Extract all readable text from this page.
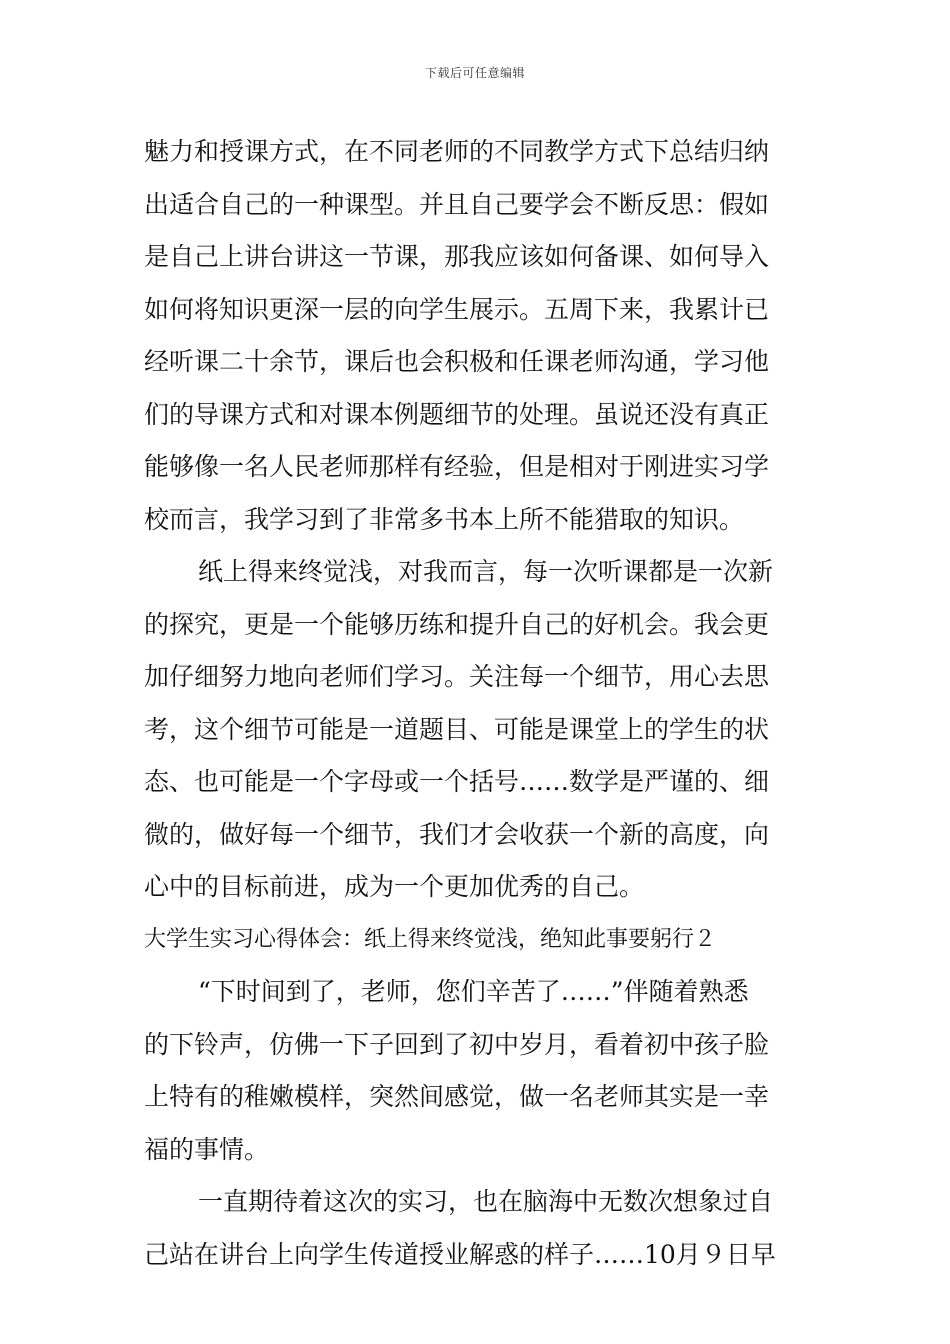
下载后可任意编辑
魅力和授课方式，在不同老师的不同教学方式下总结归纳
出适合自己的一种课型。并且自己要学会不断反思：假如
是自己上讲台讲这一节课，那我应该如何备课、如何导入
如何将知识更深一层的向学生展示。五周下来，我累计已
经听课二十余节，课后也会积极和任课老师沟通，学习他
们的导课方式和对课本例题细节的处理。虽说还没有真正
能够像一名人民老师那样有经验，但是相对于刚进实习学
校而言，我学习到了非常多书本上所不能猎取的知识。
纸上得来终觉浅，对我而言，每一次听课都是一次新
的探究，更是一个能够历练和提升自己的好机会。我会更
加仔细努力地向老师们学习。关注每一个细节，用心去思
考，这个细节可能是一道题目、可能是课堂上的学生的状
态、也可能是一个字母或一个括号……数学是严谨的、细
微的，做好每一个细节，我们才会收获一个新的高度，向
心中的目标前进，成为一个更加优秀的自己。
大学生实习心得体会：纸上得来终觉浅，绝知此事要躬行２
“下时间到了，老师，您们辛苦了……”伴随着熟悉
的下铃声，仿佛一下子回到了初中岁月，看着初中孩子脸
上特有的稚嫩模样，突然间感觉，做一名老师其实是一幸
福的事情。
一直期待着这次的实习，也在脑海中无数次想象过自
己站在讲台上向学生传道授业解惑的样子……10月９日早
